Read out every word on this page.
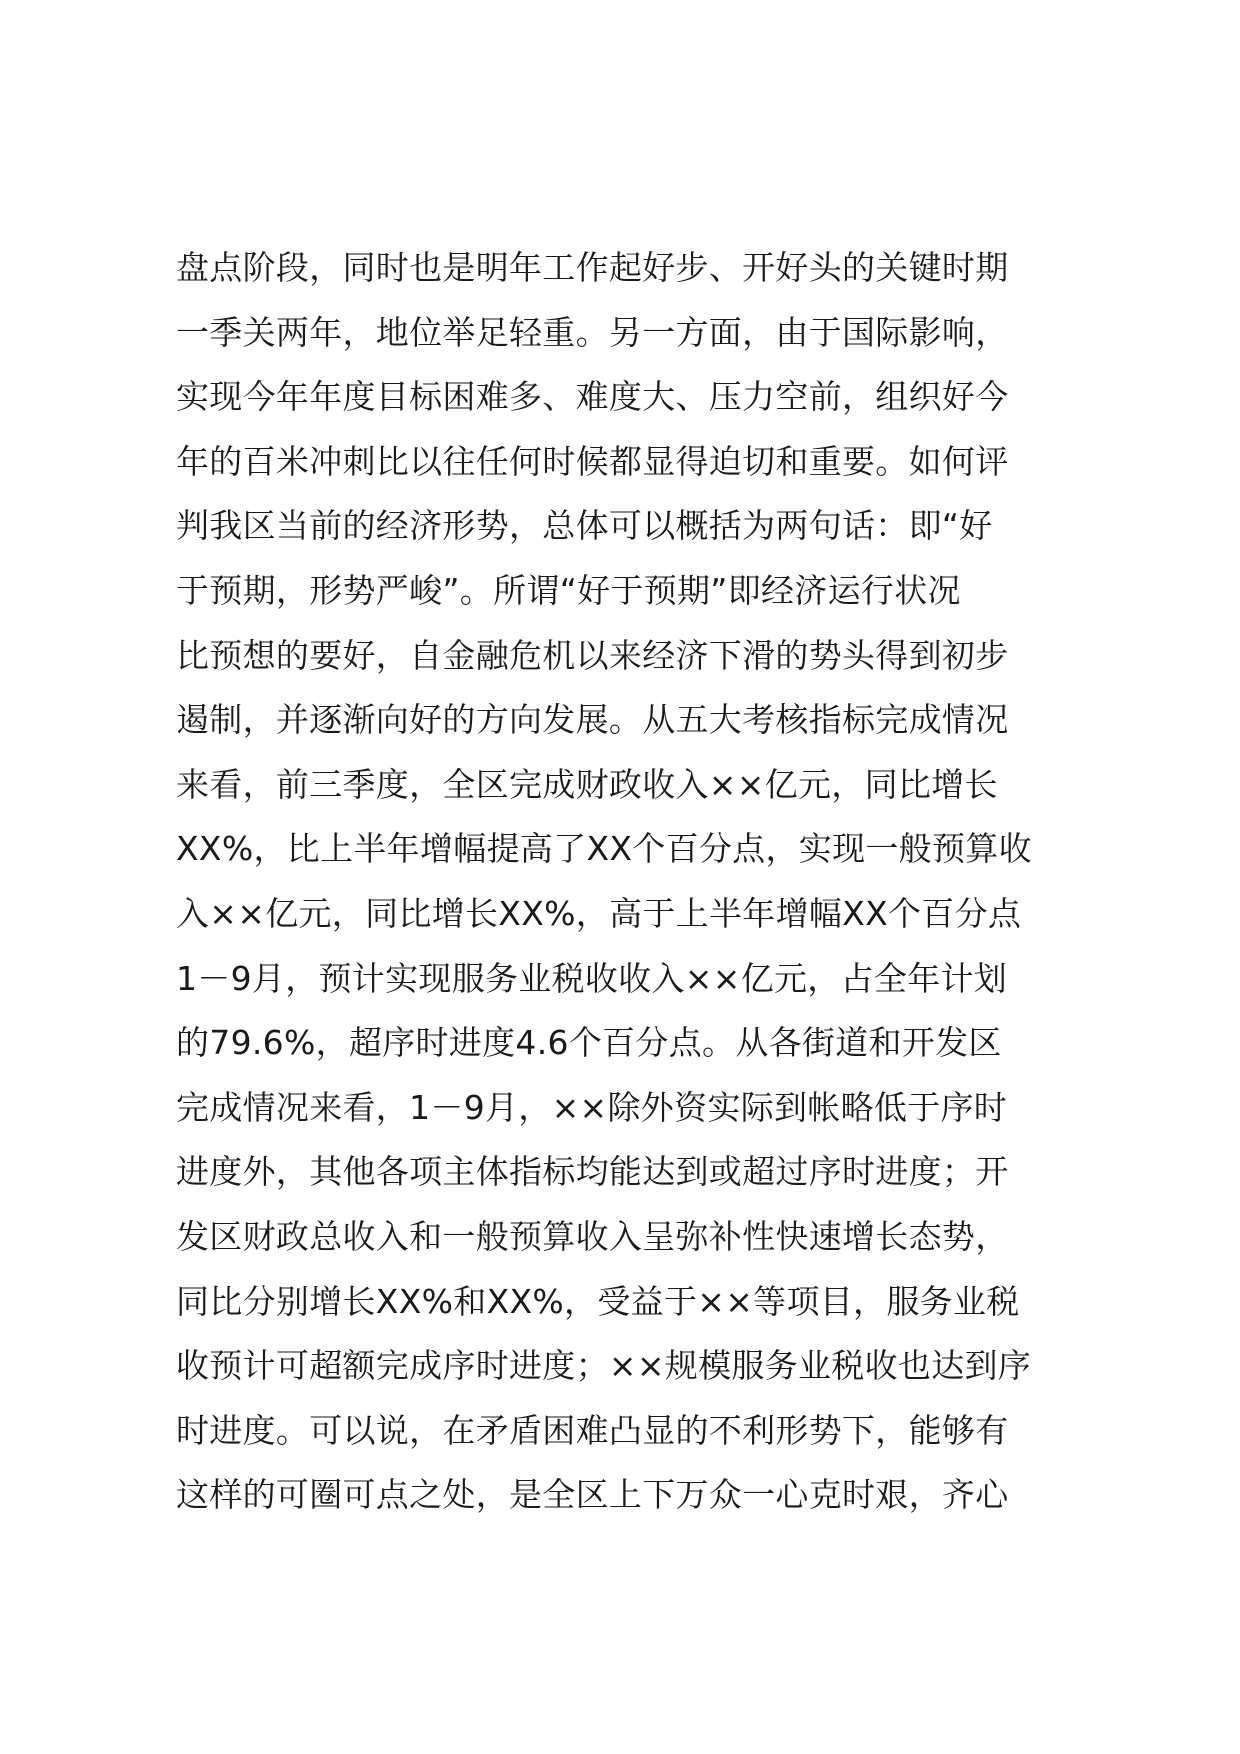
盘点阶段，同时也是明年工作起好步、开好头的关键时期
一季关两年，地位举足轻重。另一方面，由于国际影响，
实现今年年度目标困难多、难度大、压力空前，组织好今
年的百米冲刺比以往任何时候都显得迫切和重要。如何评
判我区当前的经济形势，总体可以概括为两句话：即“好
于预期，形势严峻”。所谓“好于预期”即经济运行状况
比预想的要好，自金融危机以来经济下滑的势头得到初步
遏制，并逐渐向好的方向发展。从五大考核指标完成情况
来看，前三季度，全区完成财政收入××亿元，同比增长
XX%，比上半年增幅提高了XX个百分点，实现一般预算收
入××亿元，同比增长XX%，高于上半年增幅XX个百分点
1－9月，预计实现服务业税收收入××亿元，占全年计划
的79.6%，超序时进度4.6个百分点。从各街道和开发区
完成情况来看，1－9月，××除外资实际到帐略低于序时
进度外，其他各项主体指标均能达到或超过序时进度；开
发区财政总收入和一般预算收入呈弥补性快速增长态势，
同比分别增长XX%和XX%，受益于××等项目，服务业税
收预计可超额完成序时进度；××规模服务业税收也达到序
时进度。可以说，在矛盾困难凸显的不利形势下，能够有
这样的可圈可点之处，是全区上下万众一心克时艰，齐心
